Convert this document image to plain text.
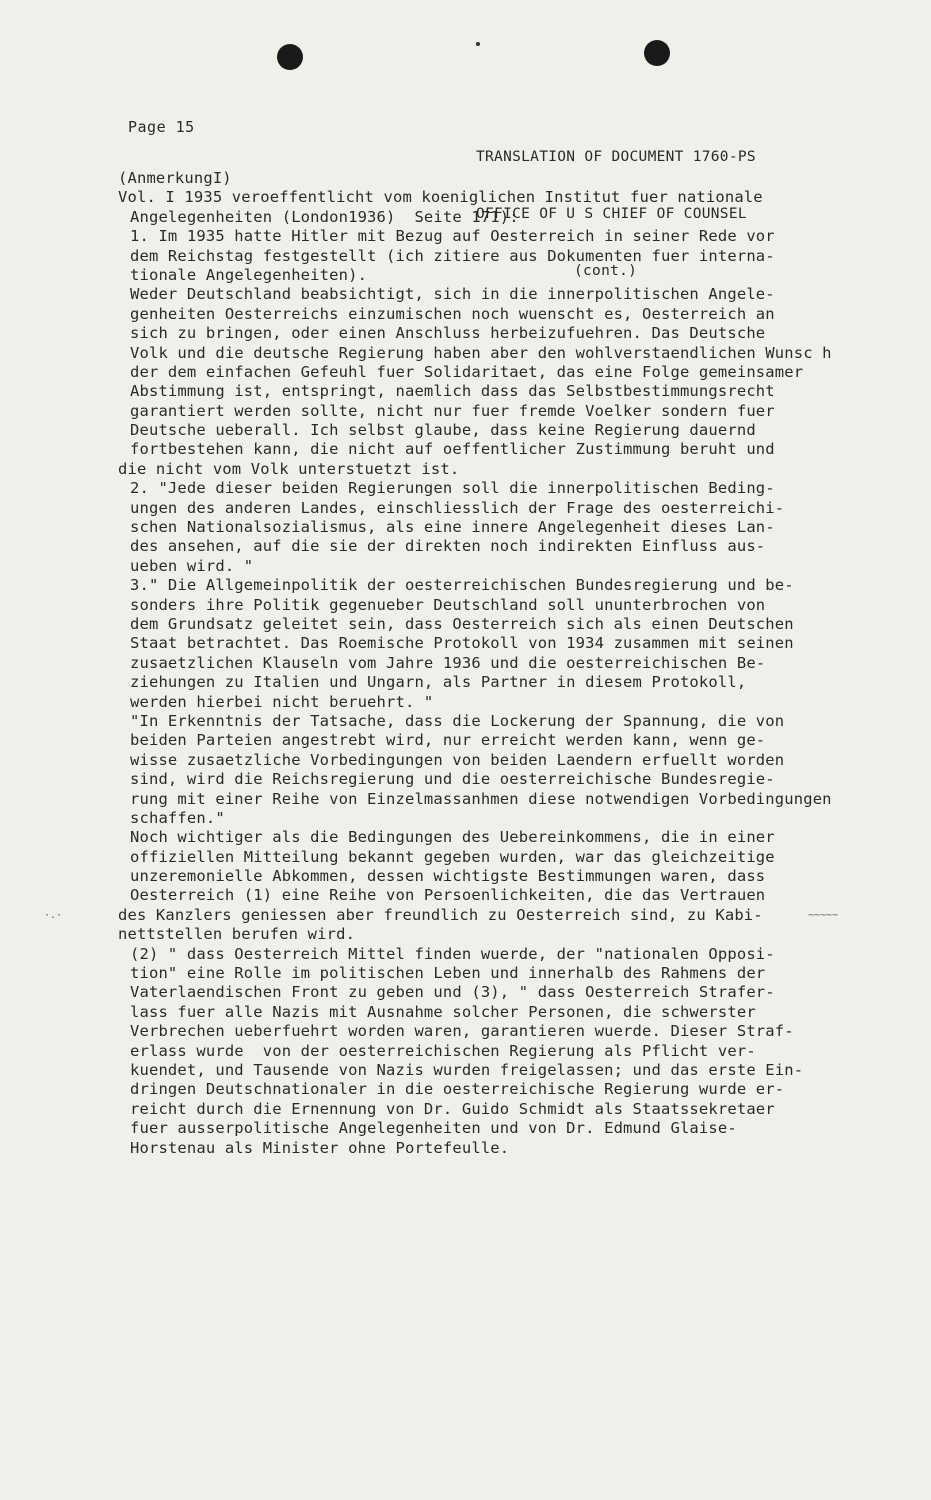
Page 15

TRANSLATION OF DOCUMENT 1760-PS

OFFICE OF U S CHIEF OF COUNSEL

(cont.)

(AnmerkungI)
Vol. I 1935 veroeffentlicht vom koeniglichen Institut fuer nationale
Angelegenheiten (London1936)  Seite 171):
1. Im 1935 hatte Hitler mit Bezug auf Oesterreich in seiner Rede vor
dem Reichstag festgestellt (ich zitiere aus Dokumenten fuer interna-
tionale Angelegenheiten).
Weder Deutschland beabsichtigt, sich in die innerpolitischen Angele-
genheiten Oesterreichs einzumischen noch wuenscht es, Oesterreich an
sich zu bringen, oder einen Anschluss herbeizufuehren. Das Deutsche
Volk und die deutsche Regierung haben aber den wohlverstaendlichen Wunsc h
der dem einfachen Gefeuhl fuer Solidaritaet, das eine Folge gemeinsamer
Abstimmung ist, entspringt, naemlich dass das Selbstbestimmungsrecht
garantiert werden sollte, nicht nur fuer fremde Voelker sondern fuer
Deutsche ueberall. Ich selbst glaube, dass keine Regierung dauernd
fortbestehen kann, die nicht auf oeffentlicher Zustimmung beruht und
die nicht vom Volk unterstuetzt ist.
2. "Jede dieser beiden Regierungen soll die innerpolitischen Beding-
ungen des anderen Landes, einschliesslich der Frage des oesterreichi-
schen Nationalsozialismus, als eine innere Angelegenheit dieses Lan-
des ansehen, auf die sie der direkten noch indirekten Einfluss aus-
ueben wird. "
3." Die Allgemeinpolitik der oesterreichischen Bundesregierung und be-
sonders ihre Politik gegenueber Deutschland soll ununterbrochen von
dem Grundsatz geleitet sein, dass Oesterreich sich als einen Deutschen
Staat betrachtet. Das Roemische Protokoll von 1934 zusammen mit seinen
zusaetzlichen Klauseln vom Jahre 1936 und die oesterreichischen Be-
ziehungen zu Italien und Ungarn, als Partner in diesem Protokoll,
werden hierbei nicht beruehrt. "
"In Erkenntnis der Tatsache, dass die Lockerung der Spannung, die von
beiden Parteien angestrebt wird, nur erreicht werden kann, wenn ge-
wisse zusaetzliche Vorbedingungen von beiden Laendern erfuellt worden
sind, wird die Reichsregierung und die oesterreichische Bundesregie-
rung mit einer Reihe von Einzelmassanhmen diese notwendigen Vorbedingungen
schaffen."
Noch wichtiger als die Bedingungen des Uebereinkommens, die in einer
offiziellen Mitteilung bekannt gegeben wurden, war das gleichzeitige
unzeremonielle Abkommen, dessen wichtigste Bestimmungen waren, dass
Oesterreich (1) eine Reihe von Persoenlichkeiten, die das Vertrauen
des Kanzlers geniessen aber freundlich zu Oesterreich sind, zu Kabi-
nettstellen berufen wird.
(2) " dass Oesterreich Mittel finden wuerde, der "nationalen Opposi-
tion" eine Rolle im politischen Leben und innerhalb des Rahmens der
Vaterlaendischen Front zu geben und (3), " dass Oesterreich Strafer-
lass fuer alle Nazis mit Ausnahme solcher Personen, die schwerster
Verbrechen ueberfuehrt worden waren, garantieren wuerde. Dieser Straf-
erlass wurde  von der oesterreichischen Regierung als Pflicht ver-
kuendet, und Tausende von Nazis wurden freigelassen; und das erste Ein-
dringen Deutschnationaler in die oesterreichische Regierung wurde er-
reicht durch die Ernennung von Dr. Guido Schmidt als Staatssekretaer
fuer ausserpolitische Angelegenheiten und von Dr. Edmund Glaise-
Horstenau als Minister ohne Portefeulle.
·.·	~~~~~
